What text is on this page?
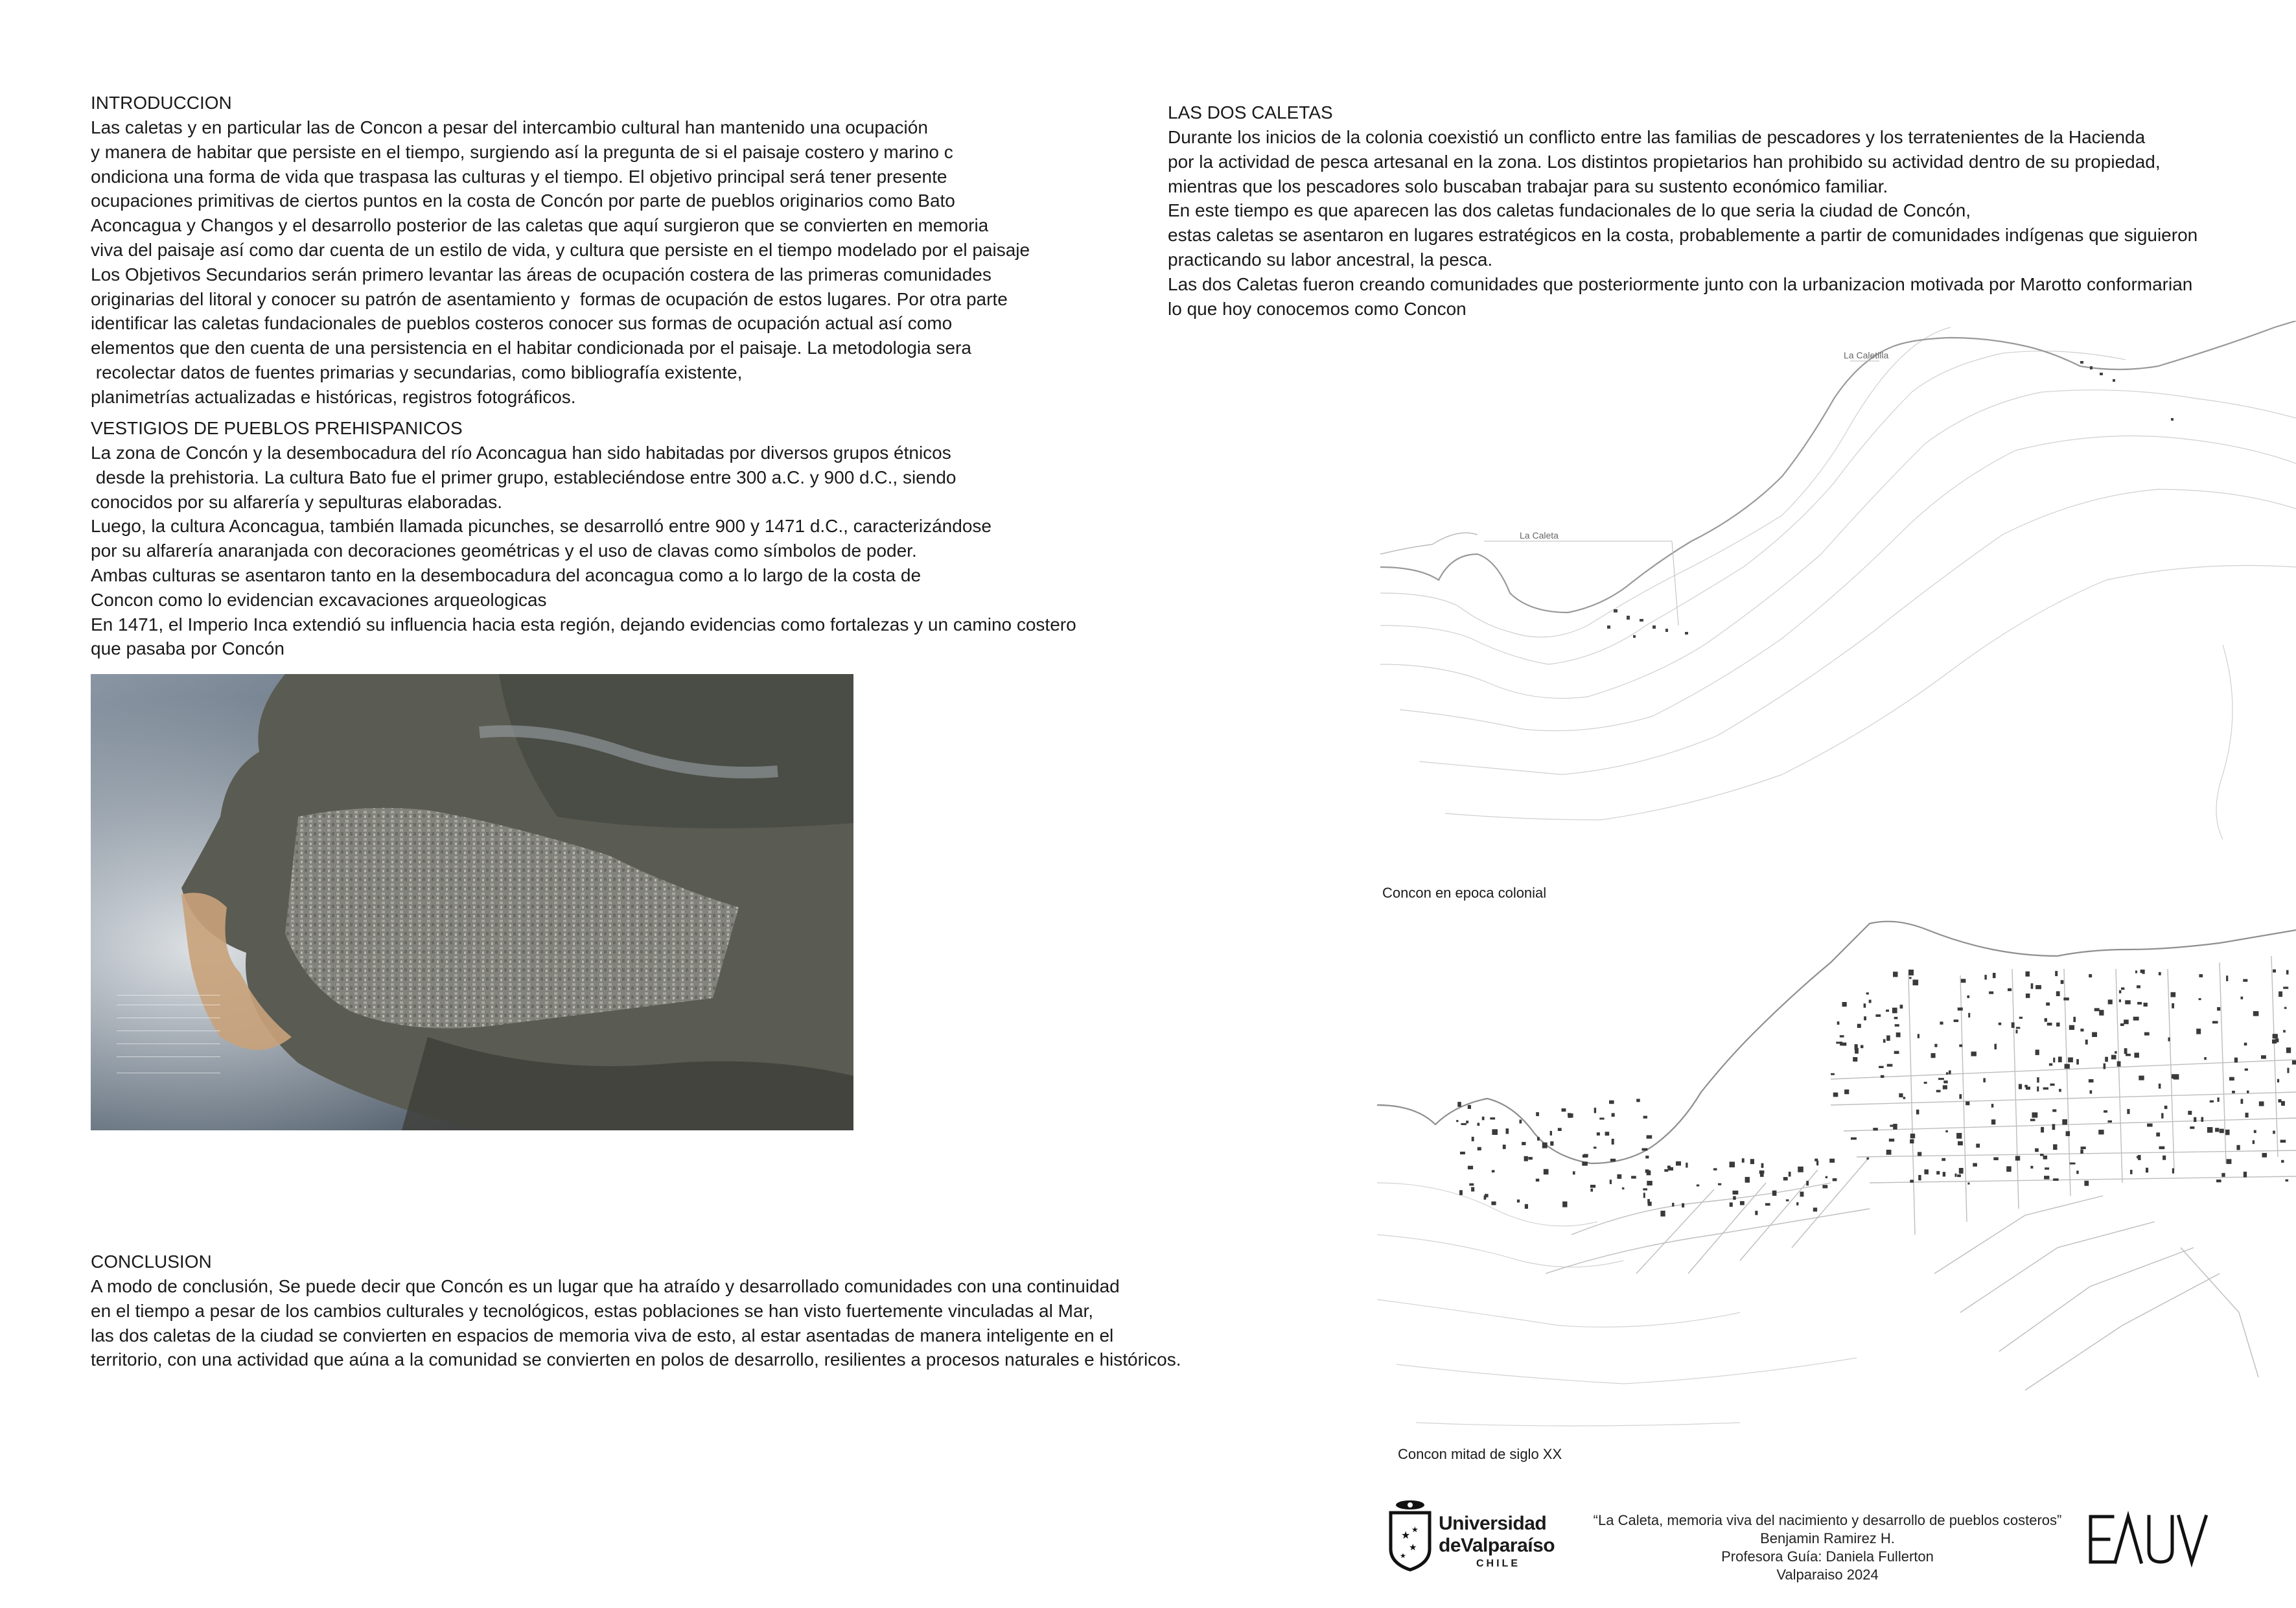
INTRODUCCION
Las caletas y en particular las de Concon a pesar del intercambio cultural han mantenido una ocupación
y manera de habitar que persiste en el tiempo, surgiendo así la pregunta de si el paisaje costero y marino c
ondiciona una forma de vida que traspasa las culturas y el tiempo. El objetivo principal será tener presente
ocupaciones primitivas de ciertos puntos en la costa de Concón por parte de pueblos originarios como Bato
Aconcagua y Changos y el desarrollo posterior de las caletas que aquí surgieron que se convierten en memoria
viva del paisaje así como dar cuenta de un estilo de vida, y cultura que persiste en el tiempo modelado por el paisaje
Los Objetivos Secundarios serán primero levantar las áreas de ocupación costera de las primeras comunidades
originarias del litoral y conocer su patrón de asentamiento y  formas de ocupación de estos lugares. Por otra parte
identificar las caletas fundacionales de pueblos costeros conocer sus formas de ocupación actual así como
elementos que den cuenta de una persistencia en el habitar condicionada por el paisaje. La metodologia sera
recolectar datos de fuentes primarias y secundarias, como bibliografía existente,
planimetrías actualizadas e históricas, registros fotográficos.
VESTIGIOS DE PUEBLOS PREHISPANICOS
La zona de Concón y la desembocadura del río Aconcagua han sido habitadas por diversos grupos étnicos
desde la prehistoria. La cultura Bato fue el primer grupo, estableciéndose entre 300 a.C. y 900 d.C., siendo
conocidos por su alfarería y sepulturas elaboradas.
Luego, la cultura Aconcagua, también llamada picunches, se desarrolló entre 900 y 1471 d.C., caracterizándose
por su alfarería anaranjada con decoraciones geométricas y el uso de clavas como símbolos de poder.
Ambas culturas se asentaron tanto en la desembocadura del aconcagua como a lo largo de la costa de
Concon como lo evidencian excavaciones arqueologicas
En 1471, el Imperio Inca extendió su influencia hacia esta región, dejando evidencias como fortalezas y un camino costero
que pasaba por Concón
LAS DOS CALETAS
Durante los inicios de la colonia coexistió un conflicto entre las familias de pescadores y los terratenientes de la Hacienda
por la actividad de pesca artesanal en la zona. Los distintos propietarios han prohibido su actividad dentro de su propiedad,
mientras que los pescadores solo buscaban trabajar para su sustento económico familiar.
En este tiempo es que aparecen las dos caletas fundacionales de lo que seria la ciudad de Concón,
estas caletas se asentaron en lugares estratégicos en la costa, probablemente a partir de comunidades indígenas que siguieron
practicando su labor ancestral, la pesca.
Las dos Caletas fueron creando comunidades que posteriormente junto con la urbanizacion motivada por Marotto conformarian
lo que hoy conocemos como Concon
La Caletilla
La Caleta
Concon en epoca colonial
Concon mitad de siglo XX
CONCLUSION
A modo de conclusión, Se puede decir que Concón es un lugar que ha atraído y desarrollado comunidades con una continuidad
en el tiempo a pesar de los cambios culturales y tecnológicos, estas poblaciones se han visto fuertemente vinculadas al Mar,
las dos caletas de la ciudad se convierten en espacios de memoria viva de esto, al estar asentadas de manera inteligente en el
territorio, con una actividad que aúna a la comunidad se convierten en polos de desarrollo, resilientes a procesos naturales e históricos.
★
★
★
★
Universidad
deValparaíso
CHILE
“La Caleta, memoria viva del nacimiento y desarrollo de pueblos costeros”
Benjamin Ramirez H.
Profesora Guía: Daniela Fullerton
Valparaiso 2024
